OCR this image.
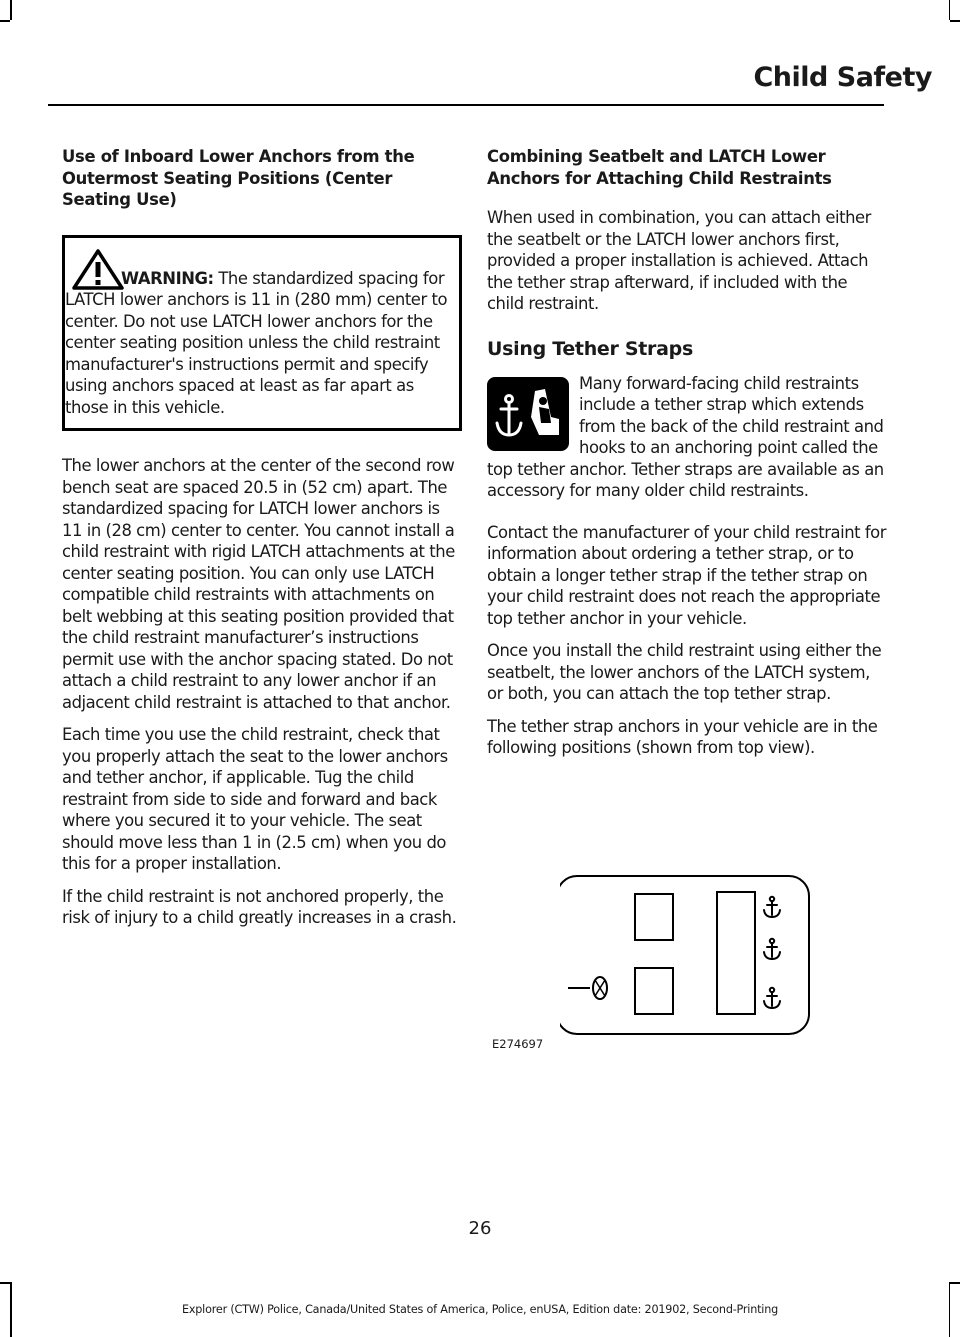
Child Safety
Use of Inboard Lower Anchors from the Outermost Seating Positions (Center Seating Use)

WARNING: The standardized spacing for LATCH lower anchors is 11 in (280 mm) center to center. Do not use LATCH lower anchors for the center seating position unless the child restraint manufacturer's instructions permit and specify using anchors spaced at least as far apart as those in this vehicle.

The lower anchors at the center of the second row bench seat are spaced 20.5 in (52 cm) apart. The standardized spacing for LATCH lower anchors is 11 in (28 cm) center to center. You cannot install a child restraint with rigid LATCH attachments at the center seating position. You can only use LATCH compatible child restraints with attachments on belt webbing at this seating position provided that the child restraint manufacturer’s instructions permit use with the anchor spacing stated. Do not attach a child restraint to any lower anchor if an adjacent child restraint is attached to that anchor.

Each time you use the child restraint, check that you properly attach the seat to the lower anchors and tether anchor, if applicable. Tug the child restraint from side to side and forward and back where you secured it to your vehicle. The seat should move less than 1 in (2.5 cm) when you do this for a proper installation.

If the child restraint is not anchored properly, the risk of injury to a child greatly increases in a crash.

Combining Seatbelt and LATCH Lower Anchors for Attaching Child Restraints

When used in combination, you can attach either the seatbelt or the LATCH lower anchors first, provided a proper installation is achieved. Attach the tether strap afterward, if included with the child restraint.

Using Tether Straps

Many forward-facing child restraints include a tether strap which extends from the back of the child restraint and hooks to an anchoring point called the top tether anchor. Tether straps are available as an accessory for many older child restraints.

Contact the manufacturer of your child restraint for information about ordering a tether strap, or to obtain a longer tether strap if the tether strap on your child restraint does not reach the appropriate top tether anchor in your vehicle.

Once you install the child restraint using either the seatbelt, the lower anchors of the LATCH system, or both, you can attach the top tether strap.

The tether strap anchors in your vehicle are in the following positions (shown from top view).

E274697
26
Explorer (CTW) Police, Canada/United States of America, Police, enUSA, Edition date: 201902, Second-Printing
